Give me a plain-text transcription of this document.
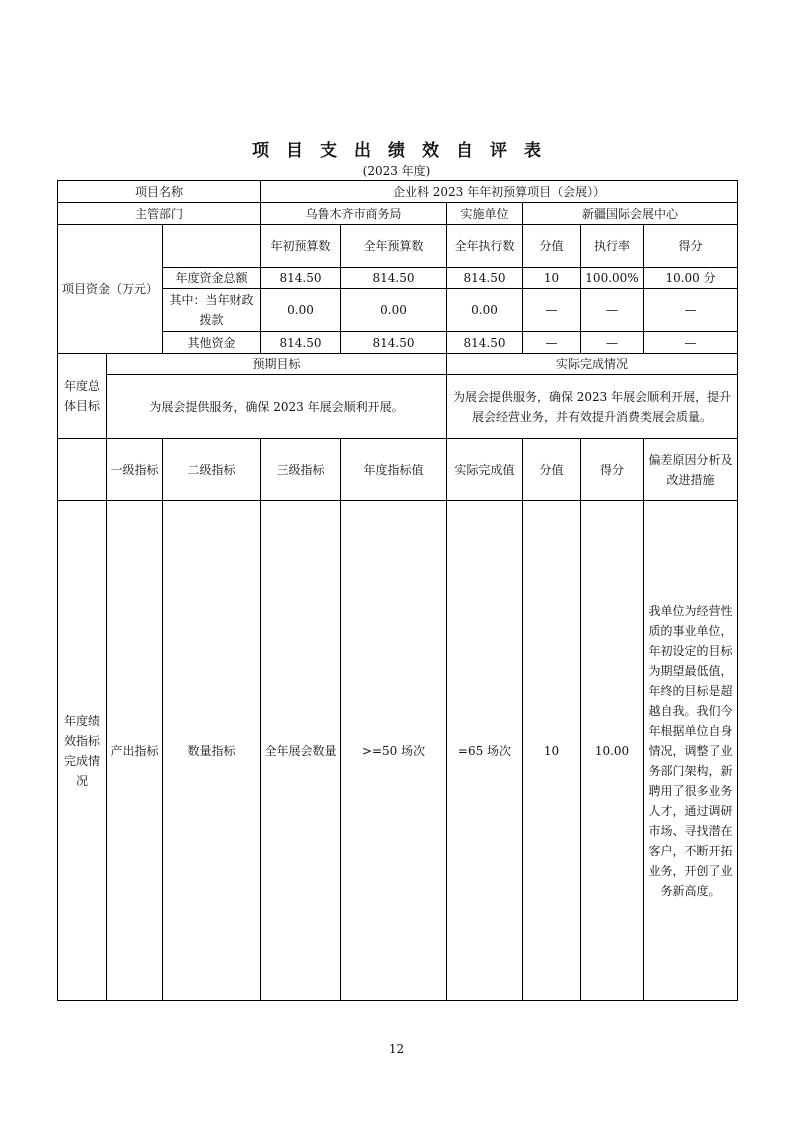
项目支出绩效自评表
(2023 年度)
项目名称			企业科 2023 年年初预算项目（会展））					
主管部门			乌鲁木齐市商务局		实施单位	新疆国际会展中心		
项目资金（万元）			年初预算数	全年预算数	全年执行数	分值	执行率	得分
		年度资金总额	814.50	814.50	814.50	10	100.00%	10.00 分
		其中：当年财政拨款	0.00	0.00	0.00	—	—	—
		其他资金	814.50	814.50	814.50	—	—	—
年度总体目标	预期目标				实际完成情况			
	为展会提供服务，确保 2023 年展会顺利开展。				为展会提供服务，确保 2023 年展会顺利开展，提升展会经营业务，并有效提升消费类展会质量。			
	一级指标	二级指标	三级指标	年度指标值	实际完成值	分值	得分	偏差原因分析及改进措施
年度绩效指标完成情况	产出指标	数量指标	全年展会数量	>=50 场次	=65 场次	10	10.00	我单位为经营性质的事业单位，年初设定的目标为期望最低值，年终的目标是超越自我。我们今年根据单位自身情况，调整了业务部门架构，新聘用了很多业务人才，通过调研市场、寻找潜在客户，不断开拓业务，开创了业务新高度。
12
